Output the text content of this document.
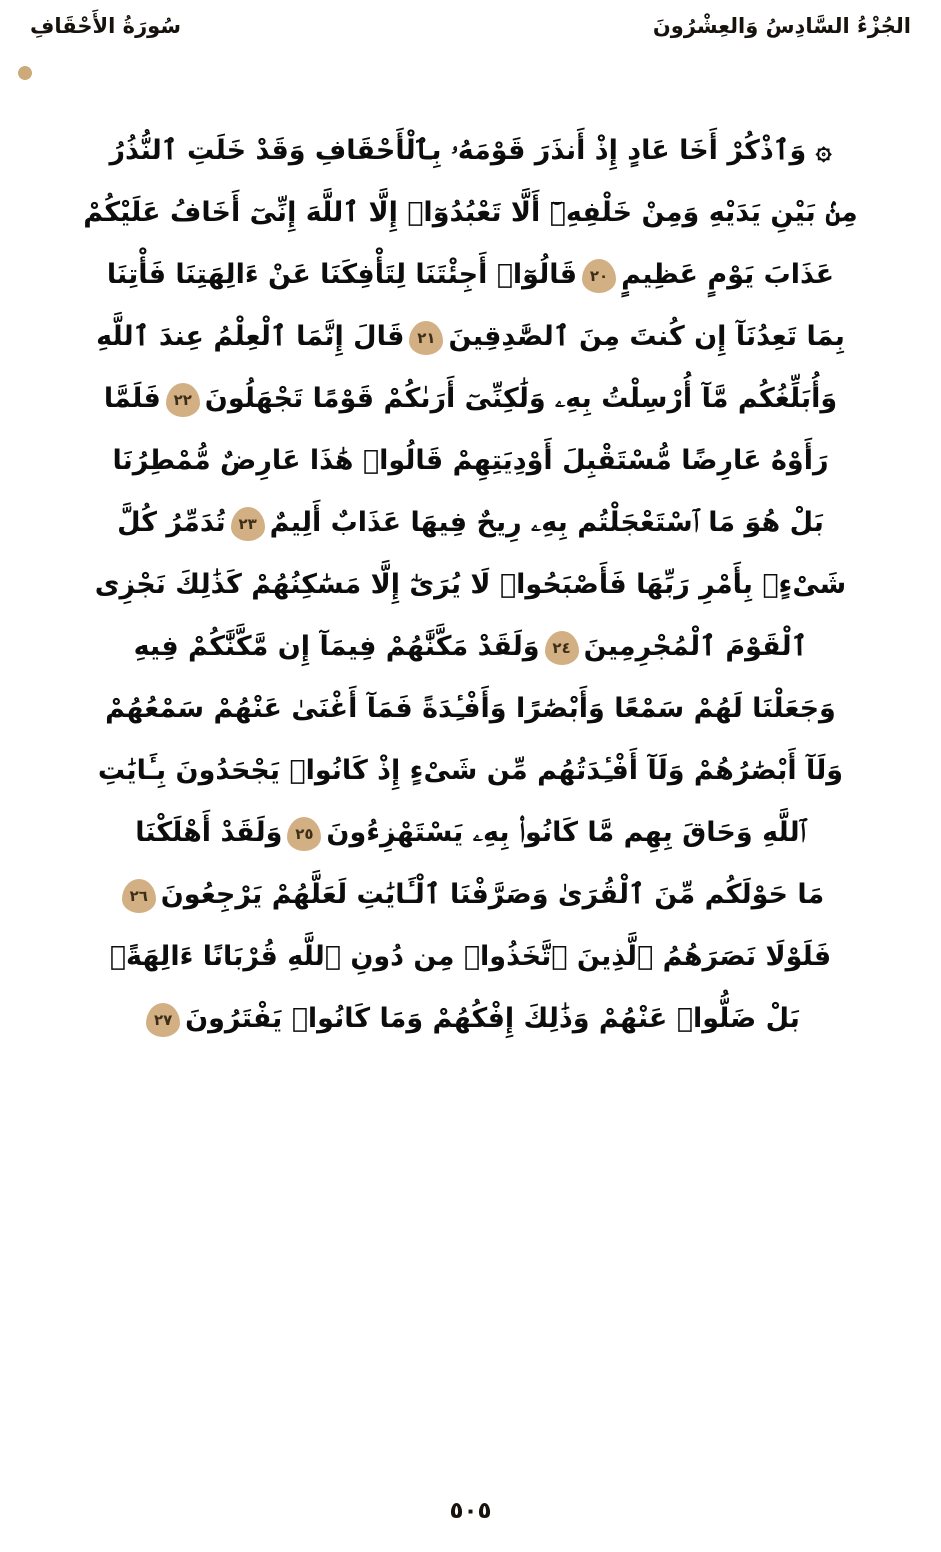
الجُزْءُ السَّادِسُ وَالعِشْرُونَ
سُورَةُ الأَحْقَافِ
۞ وَٱذْكُرْ أَخَا عَادٍ إِذْ أَنذَرَ قَوْمَهُۥ بِٱلْأَحْقَافِ وَقَدْ خَلَتِ ٱلنُّذُرُ
مِنۢ بَيْنِ يَدَيْهِ وَمِنْ خَلْفِهِۦٓ أَلَّا تَعْبُدُوٓا۟ إِلَّا ٱللَّهَ إِنِّىٓ أَخَافُ عَلَيْكُمْ
عَذَابَ يَوْمٍ عَظِيمٍ٢٠قَالُوٓا۟ أَجِئْتَنَا لِتَأْفِكَنَا عَنْ ءَالِهَتِنَا فَأْتِنَا
بِمَا تَعِدُنَآ إِن كُنتَ مِنَ ٱلصَّٰدِقِينَ٢١قَالَ إِنَّمَا ٱلْعِلْمُ عِندَ ٱللَّهِ
وَأُبَلِّغُكُم مَّآ أُرْسِلْتُ بِهِۦ وَلَٰكِنِّىٓ أَرَىٰكُمْ قَوْمًا تَجْهَلُونَ٢٢فَلَمَّا
رَأَوْهُ عَارِضًا مُّسْتَقْبِلَ أَوْدِيَتِهِمْ قَالُوا۟ هَٰذَا عَارِضٌ مُّمْطِرُنَا
بَلْ هُوَ مَا ٱسْتَعْجَلْتُم بِهِۦ رِيحٌ فِيهَا عَذَابٌ أَلِيمٌ٢٣تُدَمِّرُ كُلَّ
شَىْءٍۭ بِأَمْرِ رَبِّهَا فَأَصْبَحُوا۟ لَا يُرَىٰٓ إِلَّا مَسَٰكِنُهُمْ كَذَٰلِكَ نَجْزِى
ٱلْقَوْمَ ٱلْمُجْرِمِينَ٢٤وَلَقَدْ مَكَّنَّٰهُمْ فِيمَآ إِن مَّكَّنَّٰكُمْ فِيهِ
وَجَعَلْنَا لَهُمْ سَمْعًا وَأَبْصَٰرًا وَأَفْـِٔدَةً فَمَآ أَغْنَىٰ عَنْهُمْ سَمْعُهُمْ
وَلَآ أَبْصَٰرُهُمْ وَلَآ أَفْـِٔدَتُهُم مِّن شَىْءٍ إِذْ كَانُوا۟ يَجْحَدُونَ بِـَٔايَٰتِ
ٱللَّهِ وَحَاقَ بِهِم مَّا كَانُوا۟ بِهِۦ يَسْتَهْزِءُونَ٢٥وَلَقَدْ أَهْلَكْنَا
مَا حَوْلَكُم مِّنَ ٱلْقُرَىٰ وَصَرَّفْنَا ٱلْـَٔايَٰتِ لَعَلَّهُمْ يَرْجِعُونَ٢٦
فَلَوْلَا نَصَرَهُمُ ٱلَّذِينَ ٱتَّخَذُوا۟ مِن دُونِ ٱللَّهِ قُرْبَانًا ءَالِهَةًۢ
بَلْ ضَلُّوا۟ عَنْهُمْ وَذَٰلِكَ إِفْكُهُمْ وَمَا كَانُوا۟ يَفْتَرُونَ٢٧
٥٠٥
